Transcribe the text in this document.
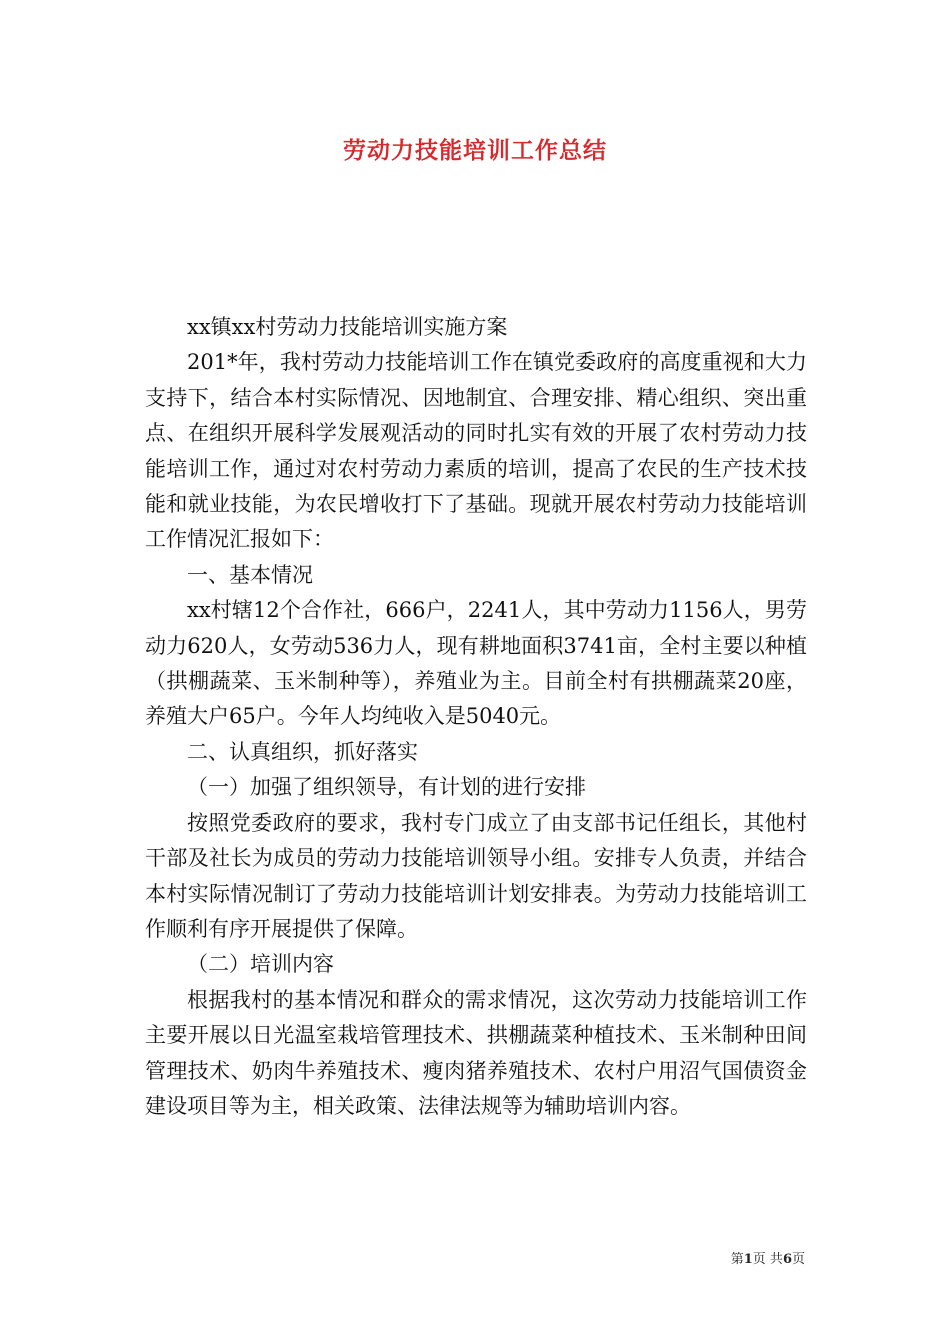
劳动力技能培训工作总结

xx镇xx村劳动力技能培训实施方案

201*年，我村劳动力技能培训工作在镇党委政府的高度重视和大力支持下，结合本村实际情况、因地制宜、合理安排、精心组织、突出重点、在组织开展科学发展观活动的同时扎实有效的开展了农村劳动力技能培训工作，通过对农村劳动力素质的培训，提高了农民的生产技术技能和就业技能，为农民增收打下了基础。现就开展农村劳动力技能培训工作情况汇报如下：

一、基本情况

xx村辖12个合作社，666户，2241人，其中劳动力1156人，男劳动力620人，女劳动536力人，现有耕地面积3741亩，全村主要以种植（拱棚蔬菜、玉米制种等），养殖业为主。目前全村有拱棚蔬菜20座，养殖大户65户。今年人均纯收入是5040元。

二、认真组织，抓好落实

（一）加强了组织领导，有计划的进行安排

按照党委政府的要求，我村专门成立了由支部书记任组长，其他村干部及社长为成员的劳动力技能培训领导小组。安排专人负责，并结合本村实际情况制订了劳动力技能培训计划安排表。为劳动力技能培训工作顺利有序开展提供了保障。

（二）培训内容

根据我村的基本情况和群众的需求情况，这次劳动力技能培训工作主要开展以日光温室栽培管理技术、拱棚蔬菜种植技术、玉米制种田间管理技术、奶肉牛养殖技术、瘦肉猪养殖技术、农村户用沼气国债资金建设项目等为主，相关政策、法律法规等为辅助培训内容。

第1页 共6页
